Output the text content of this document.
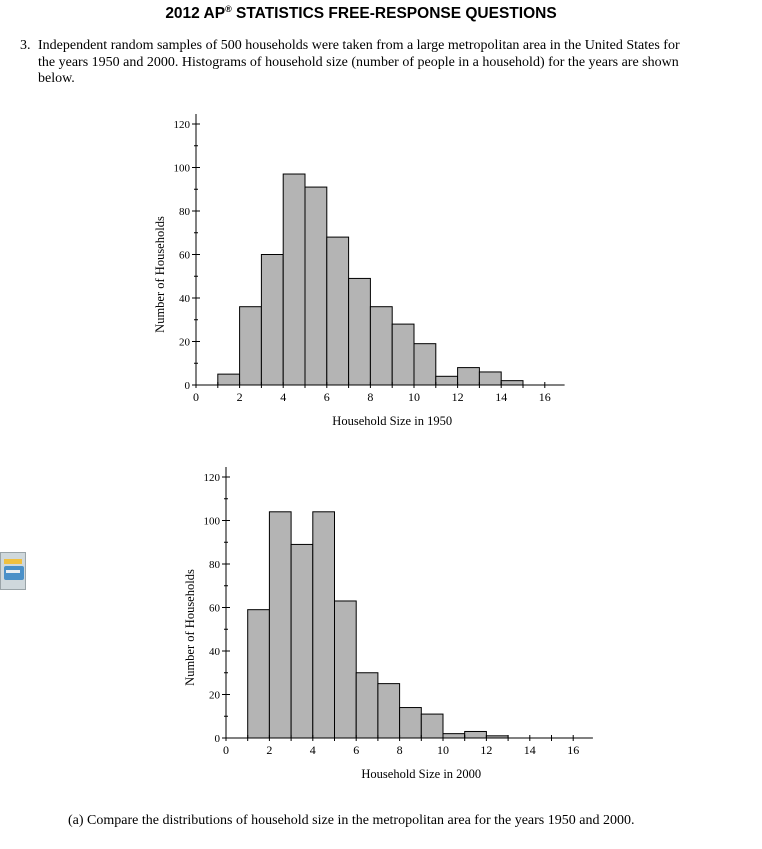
2012 AP® STATISTICS FREE-RESPONSE QUESTIONS
3. Independent random samples of 500 households were taken from a large metropolitan area in the United States for the years 1950 and 2000. Histograms of household size (number of people in a household) for the years are shown below.
0	2	4	6	8	10	12	14	16
0
20
40
60
80
100
120
Household Size in 1950
Number of Households
0	2	4	6	8	10	12	14	16
0
20
40
60
80
100
120
Household Size in 2000
Number of Households
(a) Compare the distributions of household size in the metropolitan area for the years 1950 and 2000.
